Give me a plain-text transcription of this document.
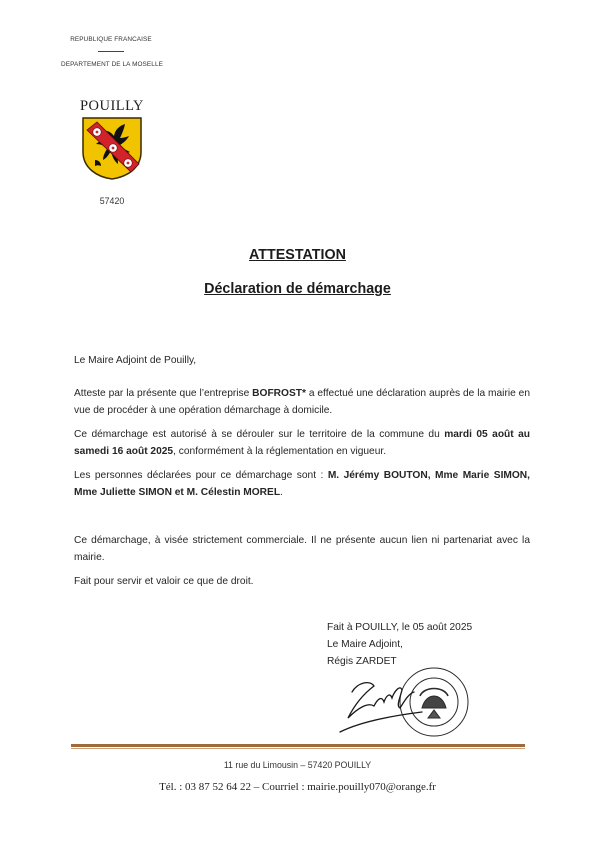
REPUBLIQUE FRANCAISE
DEPARTEMENT DE LA MOSELLE
POUILLY
57420
ATTESTATION
Déclaration de démarchage
Le Maire Adjoint de Pouilly,
Atteste par la présente que l’entreprise BOFROST* a effectué une déclaration auprès de la mairie en vue de procéder à une opération démarchage à domicile.
Ce démarchage est autorisé à se dérouler sur le territoire de la commune du mardi 05 août au samedi 16 août 2025, conformément à la réglementation en vigueur.
Les personnes déclarées pour ce démarchage sont : M. Jérémy BOUTON, Mme Marie SIMON, Mme Juliette SIMON et M. Célestin MOREL.
Ce démarchage, à visée strictement commerciale. Il ne présente aucun lien ni partenariat avec la mairie.
Fait pour servir et valoir ce que de droit.
Fait à POUILLY, le 05 août 2025
Le Maire Adjoint,
Régis ZARDET
11 rue du Limousin – 57420 POUILLY
Tél. : 03 87 52 64 22 – Courriel : mairie.pouilly070@orange.fr
